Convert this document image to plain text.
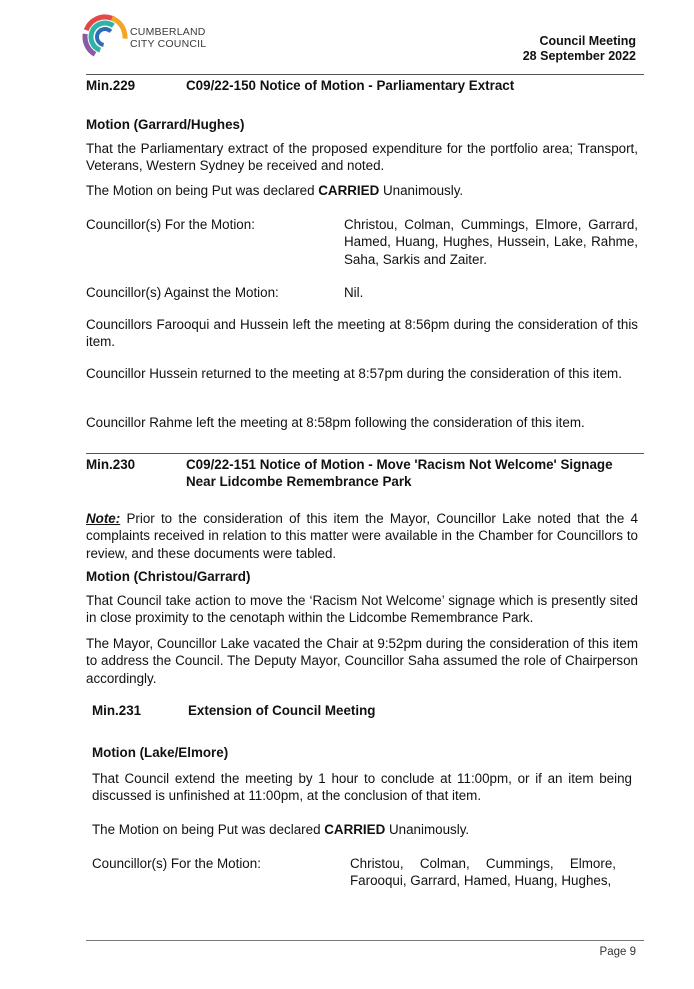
CUMBERLAND
CITY COUNCIL	Council Meeting
28 September 2022
Min.229	C09/22-150 Notice of Motion - Parliamentary Extract
Motion (Garrard/Hughes)
That the Parliamentary extract of the proposed expenditure for the portfolio area; Transport, Veterans, Western Sydney be received and noted.
The Motion on being Put was declared CARRIED Unanimously.
Councillor(s) For the Motion:	Christou, Colman, Cummings, Elmore, Garrard, Hamed, Huang, Hughes, Hussein, Lake, Rahme, Saha, Sarkis and Zaiter.
Councillor(s) Against the Motion:	Nil.
Councillors Farooqui and Hussein left the meeting at 8:56pm during the consideration of this item.
Councillor Hussein returned to the meeting at 8:57pm during the consideration of this item.
Councillor Rahme left the meeting at 8:58pm following the consideration of this item.
Min.230	C09/22-151 Notice of Motion - Move 'Racism Not Welcome' Signage
Near Lidcombe Remembrance Park
Note: Prior to the consideration of this item the Mayor, Councillor Lake noted that the 4 complaints received in relation to this matter were available in the Chamber for Councillors to review, and these documents were tabled.
Motion (Christou/Garrard)
That Council take action to move the ‘Racism Not Welcome’ signage which is presently sited in close proximity to the cenotaph within the Lidcombe Remembrance Park.
The Mayor, Councillor Lake vacated the Chair at 9:52pm during the consideration of this item to address the Council. The Deputy Mayor, Councillor Saha assumed the role of Chairperson accordingly.
Min.231	Extension of Council Meeting
Motion (Lake/Elmore)
That Council extend the meeting by 1 hour to conclude at 11:00pm, or if an item being discussed is unfinished at 11:00pm, at the conclusion of that item.
The Motion on being Put was declared CARRIED Unanimously.
Councillor(s) For the Motion:	Christou, Colman, Cummings, Elmore, Farooqui, Garrard, Hamed, Huang, Hughes,
Page 9
